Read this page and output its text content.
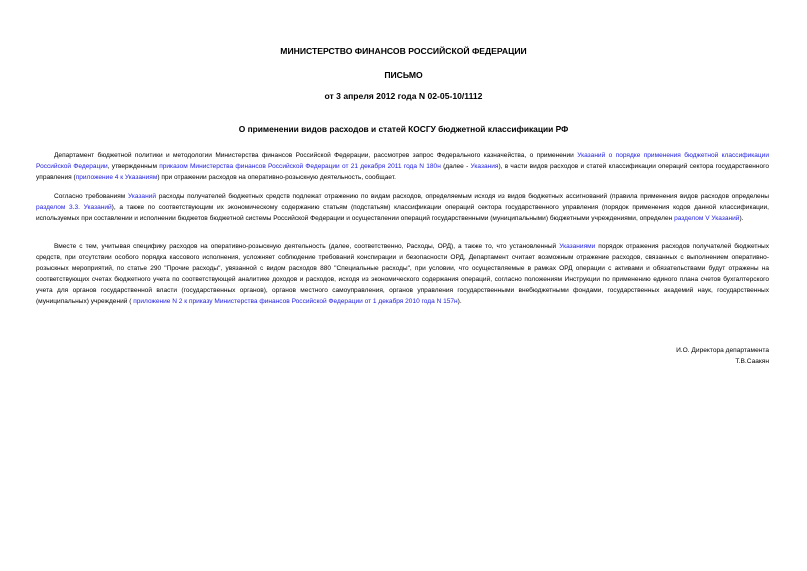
МИНИСТЕРСТВО ФИНАНСОВ РОССИЙСКОЙ ФЕДЕРАЦИИ
ПИСЬМО
от 3 апреля 2012 года N 02-05-10/1112
О применении видов расходов и статей КОСГУ бюджетной классификации РФ

Департамент бюджетной политики и методологии Министерства финансов Российской Федерации, рассмотрев запрос Федерального казначейства, о применении Указаний о порядке применения бюджетной классификации Российской Федерации, утвержденным приказом Министерства финансов Российской Федерации от 21 декабря 2011 года N 180н (далее - Указания), в части видов расходов и статей классификации операций сектора государственного управления (приложение 4 к Указаниям) при отражении расходов на оперативно-розыскную деятельность, сообщает.

Согласно требованиям Указаний расходы получателей бюджетных средств подлежат отражению по видам расходов, определяемым исходя из видов бюджетных ассигнований (правила применения видов расходов определены разделом 3.3. Указаний), а также по соответствующим их экономическому содержанию статьям (подстатьям) классификации операций сектора государственного управления (порядок применения кодов данной классификации, используемых при составлении и исполнении бюджетов бюджетной системы Российской Федерации и осуществлении операций государственными (муниципальными) бюджетными учреждениями, определен разделом V Указаний).

Вместе с тем, учитывая специфику расходов на оперативно-розыскную деятельность (далее, соответственно, Расходы, ОРД), а также то, что установленный Указаниями порядок отражения расходов получателей бюджетных средств, при отсутствии особого порядка кассового исполнения, усложняет соблюдение требований конспирации и безопасности ОРД, Департамент считает возможным отражение расходов, связанных с выполнением оперативно-розыскных мероприятий, по статье 290 "Прочие расходы", увязанной с видом расходов 880 "Специальные расходы", при условии, что осуществляемые в рамках ОРД операции с активами и обязательствами будут отражены на соответствующих счетах бюджетного учета по соответствующей аналитике доходов и расходов, исходя из экономического содержания операций, согласно положениям Инструкции по применению единого плана счетов бухгалтерского учета для органов государственной власти (государственных органов), органов местного самоуправления, органов управления государственными внебюджетными фондами, государственных академий наук, государственных (муниципальных) учреждений ( приложение N 2 к приказу Министерства финансов Российской Федерации от 1 декабря 2010 года N 157н).

И.О. Директора департамента
Т.В.Саакян
